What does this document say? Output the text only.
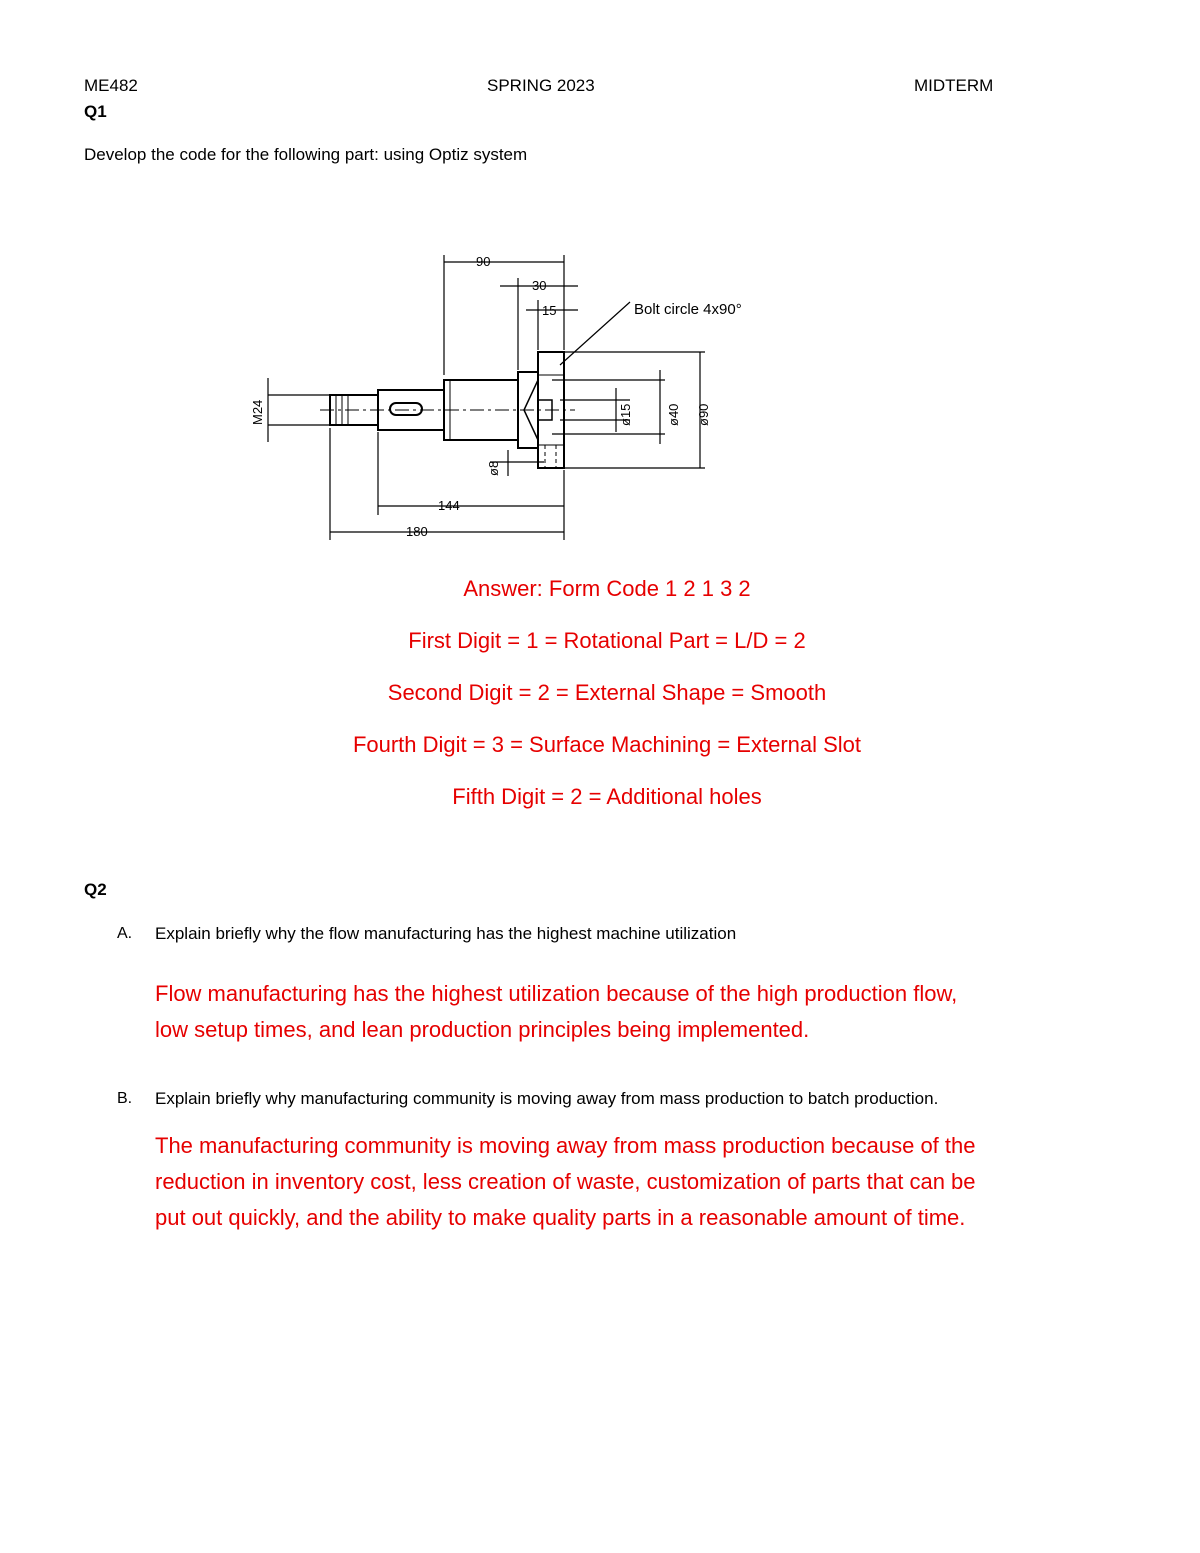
ME482	SPRING 2023	MIDTERM
Q1
Develop the code for the following part: using Optiz system
90
30
15	Bolt circle 4x90°
M24	ø15	ø40 ø90
ø8
144
180
Answer: Form Code 1 2 1 3 2
First Digit = 1 = Rotational Part = L/D = 2
Second Digit = 2 = External Shape = Smooth
Fourth Digit = 3 = Surface Machining = External Slot
Fifth Digit = 2 = Additional holes
Q2
A. Explain briefly why the flow manufacturing has the highest machine utilization
Flow manufacturing has the highest utilization because of the high production flow,
low setup times, and lean production principles being implemented.
B. Explain briefly why manufacturing community is moving away from mass production to batch production.
The manufacturing community is moving away from mass production because of the
reduction in inventory cost, less creation of waste, customization of parts that can be
put out quickly, and the ability to make quality parts in a reasonable amount of time.
